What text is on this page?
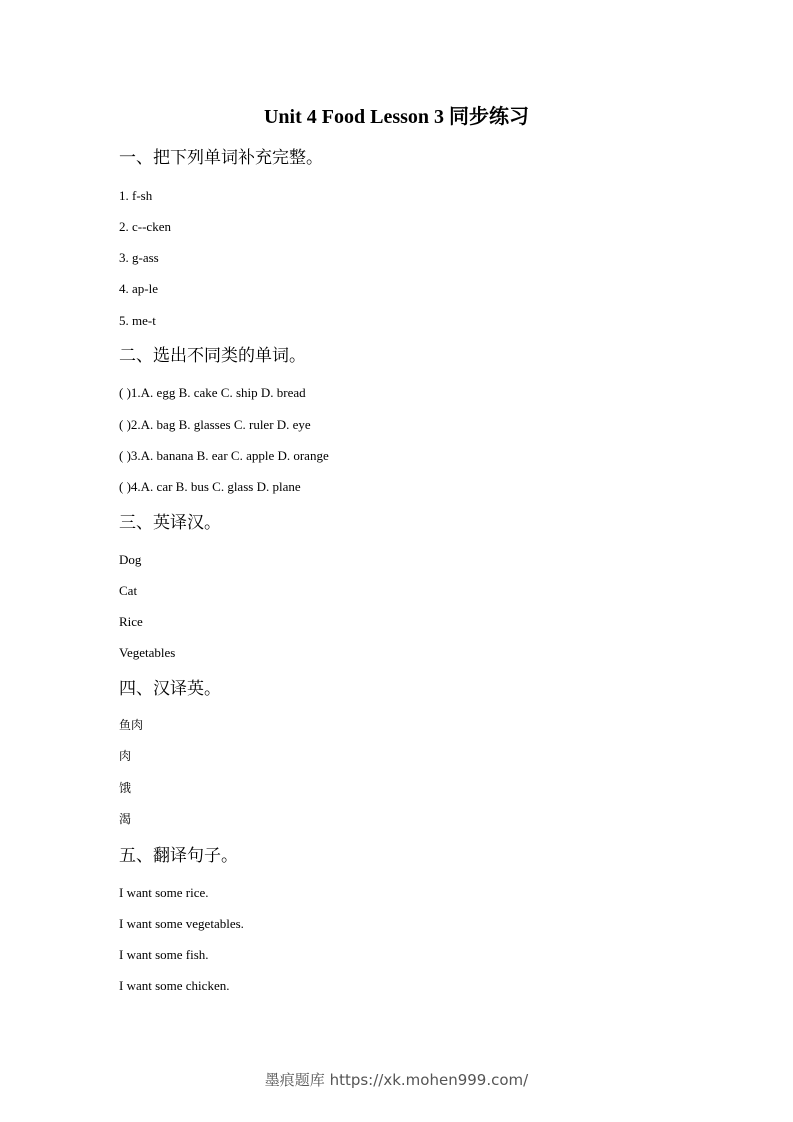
Unit 4 Food Lesson 3 同步练习
一、把下列单词补充完整。
1. f-sh
2. c--cken
3. g-ass
4. ap-le
5. me-t
二、选出不同类的单词。
( )1.A. egg B. cake C. ship D. bread
( )2.A. bag B. glasses C. ruler D. eye
( )3.A. banana B. ear C. apple D. orange
( )4.A. car B. bus C. glass D. plane
三、英译汉。
Dog
Cat
Rice
Vegetables
四、汉译英。
鱼肉
肉
饿
渴
五、翻译句子。
I want some rice.
I want some vegetables.
I want some fish.
I want some chicken.
墨痕题库 https://xk.mohen999.com/
